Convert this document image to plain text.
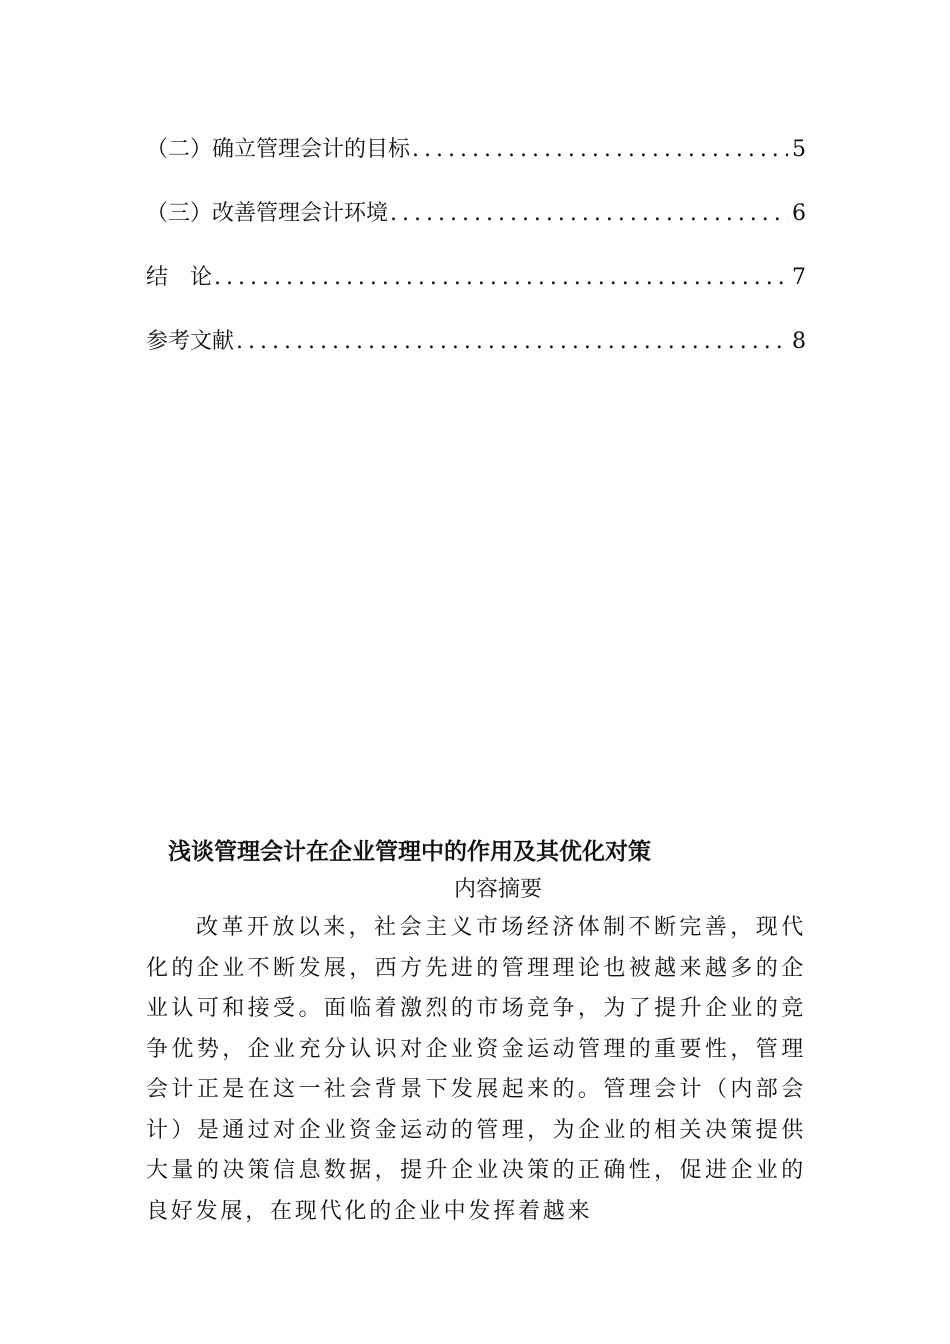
（二）确立管理会计的目标 .....	5
（三）改善管理会计环境 .....	6
结　论 .....	7
参考文献 .....	8
浅谈管理会计在企业管理中的作用及其优化对策
内容摘要

改革开放以来，社会主义市场经济体制不断完善，现代化的企业不断发展，西方先进的管理理论也被越来越多的企业认可和接受。面临着激烈的市场竞争，为了提升企业的竞争优势，企业充分认识对企业资金运动管理的重要性，管理会计正是在这一社会背景下发展起来的。管理会计（内部会计）是通过对企业资金运动的管理，为企业的相关决策提供大量的决策信息数据，提升企业决策的正确性，促进企业的良好发展，在现代化的企业中发挥着越来
